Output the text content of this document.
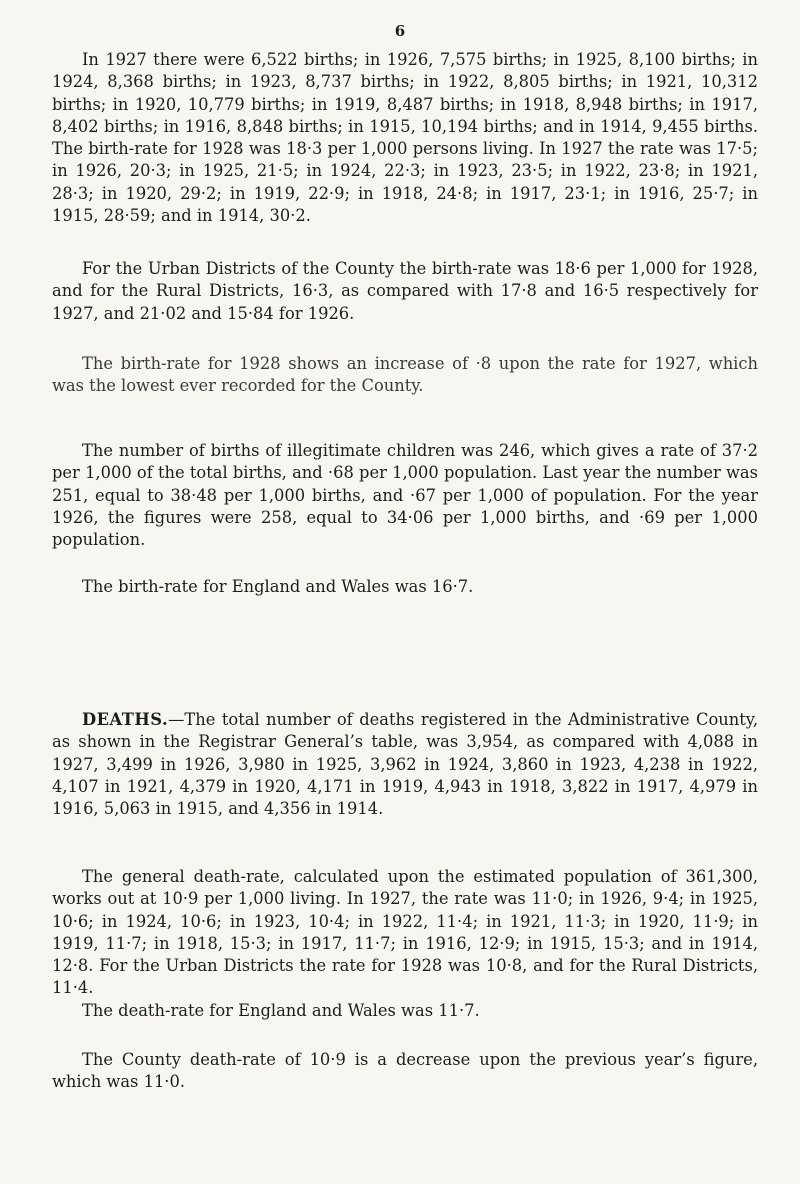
6

In 1927 there were 6,522 births; in 1926, 7,575 births; in 1925, 8,100 births; in 1924, 8,368 births; in 1923, 8,737 births; in 1922, 8,805 births; in 1921, 10,312 births; in 1920, 10,779 births; in 1919, 8,487 births; in 1918, 8,948 births; in 1917, 8,402 births; in 1916, 8,848 births; in 1915, 10,194 births; and in 1914, 9,455 births. The birth-rate for 1928 was 18·3 per 1,000 persons living. In 1927 the rate was 17·5; in 1926, 20·3; in 1925, 21·5; in 1924, 22·3; in 1923, 23·5; in 1922, 23·8; in 1921, 28·3; in 1920, 29·2; in 1919, 22·9; in 1918, 24·8; in 1917, 23·1; in 1916, 25·7; in 1915, 28·59; and in 1914, 30·2.

For the Urban Districts of the County the birth-rate was 18·6 per 1,000 for 1928, and for the Rural Districts, 16·3, as compared with 17·8 and 16·5 respectively for 1927, and 21·02 and 15·84 for 1926.

The birth-rate for 1928 shows an increase of ·8 upon the rate for 1927, which was the lowest ever recorded for the County.

The number of births of illegitimate children was 246, which gives a rate of 37·2 per 1,000 of the total births, and ·68 per 1,000 population. Last year the number was 251, equal to 38·48 per 1,000 births, and ·67 per 1,000 of population. For the year 1926, the figures were 258, equal to 34·06 per 1,000 births, and ·69 per 1,000 population.

The birth-rate for England and Wales was 16·7.

DEATHS.—The total number of deaths registered in the Administrative County, as shown in the Registrar General’s table, was 3,954, as compared with 4,088 in 1927, 3,499 in 1926, 3,980 in 1925, 3,962 in 1924, 3,860 in 1923, 4,238 in 1922, 4,107 in 1921, 4,379 in 1920, 4,171 in 1919, 4,943 in 1918, 3,822 in 1917, 4,979 in 1916, 5,063 in 1915, and 4,356 in 1914.

The general death-rate, calculated upon the estimated population of 361,300, works out at 10·9 per 1,000 living. In 1927, the rate was 11·0; in 1926, 9·4; in 1925, 10·6; in 1924, 10·6; in 1923, 10·4; in 1922, 11·4; in 1921, 11·3; in 1920, 11·9; in 1919, 11·7; in 1918, 15·3; in 1917, 11·7; in 1916, 12·9; in 1915, 15·3; and in 1914, 12·8. For the Urban Districts the rate for 1928 was 10·8, and for the Rural Districts, 11·4.

The death-rate for England and Wales was 11·7.

The County death-rate of 10·9 is a decrease upon the previous year’s figure, which was 11·0.
